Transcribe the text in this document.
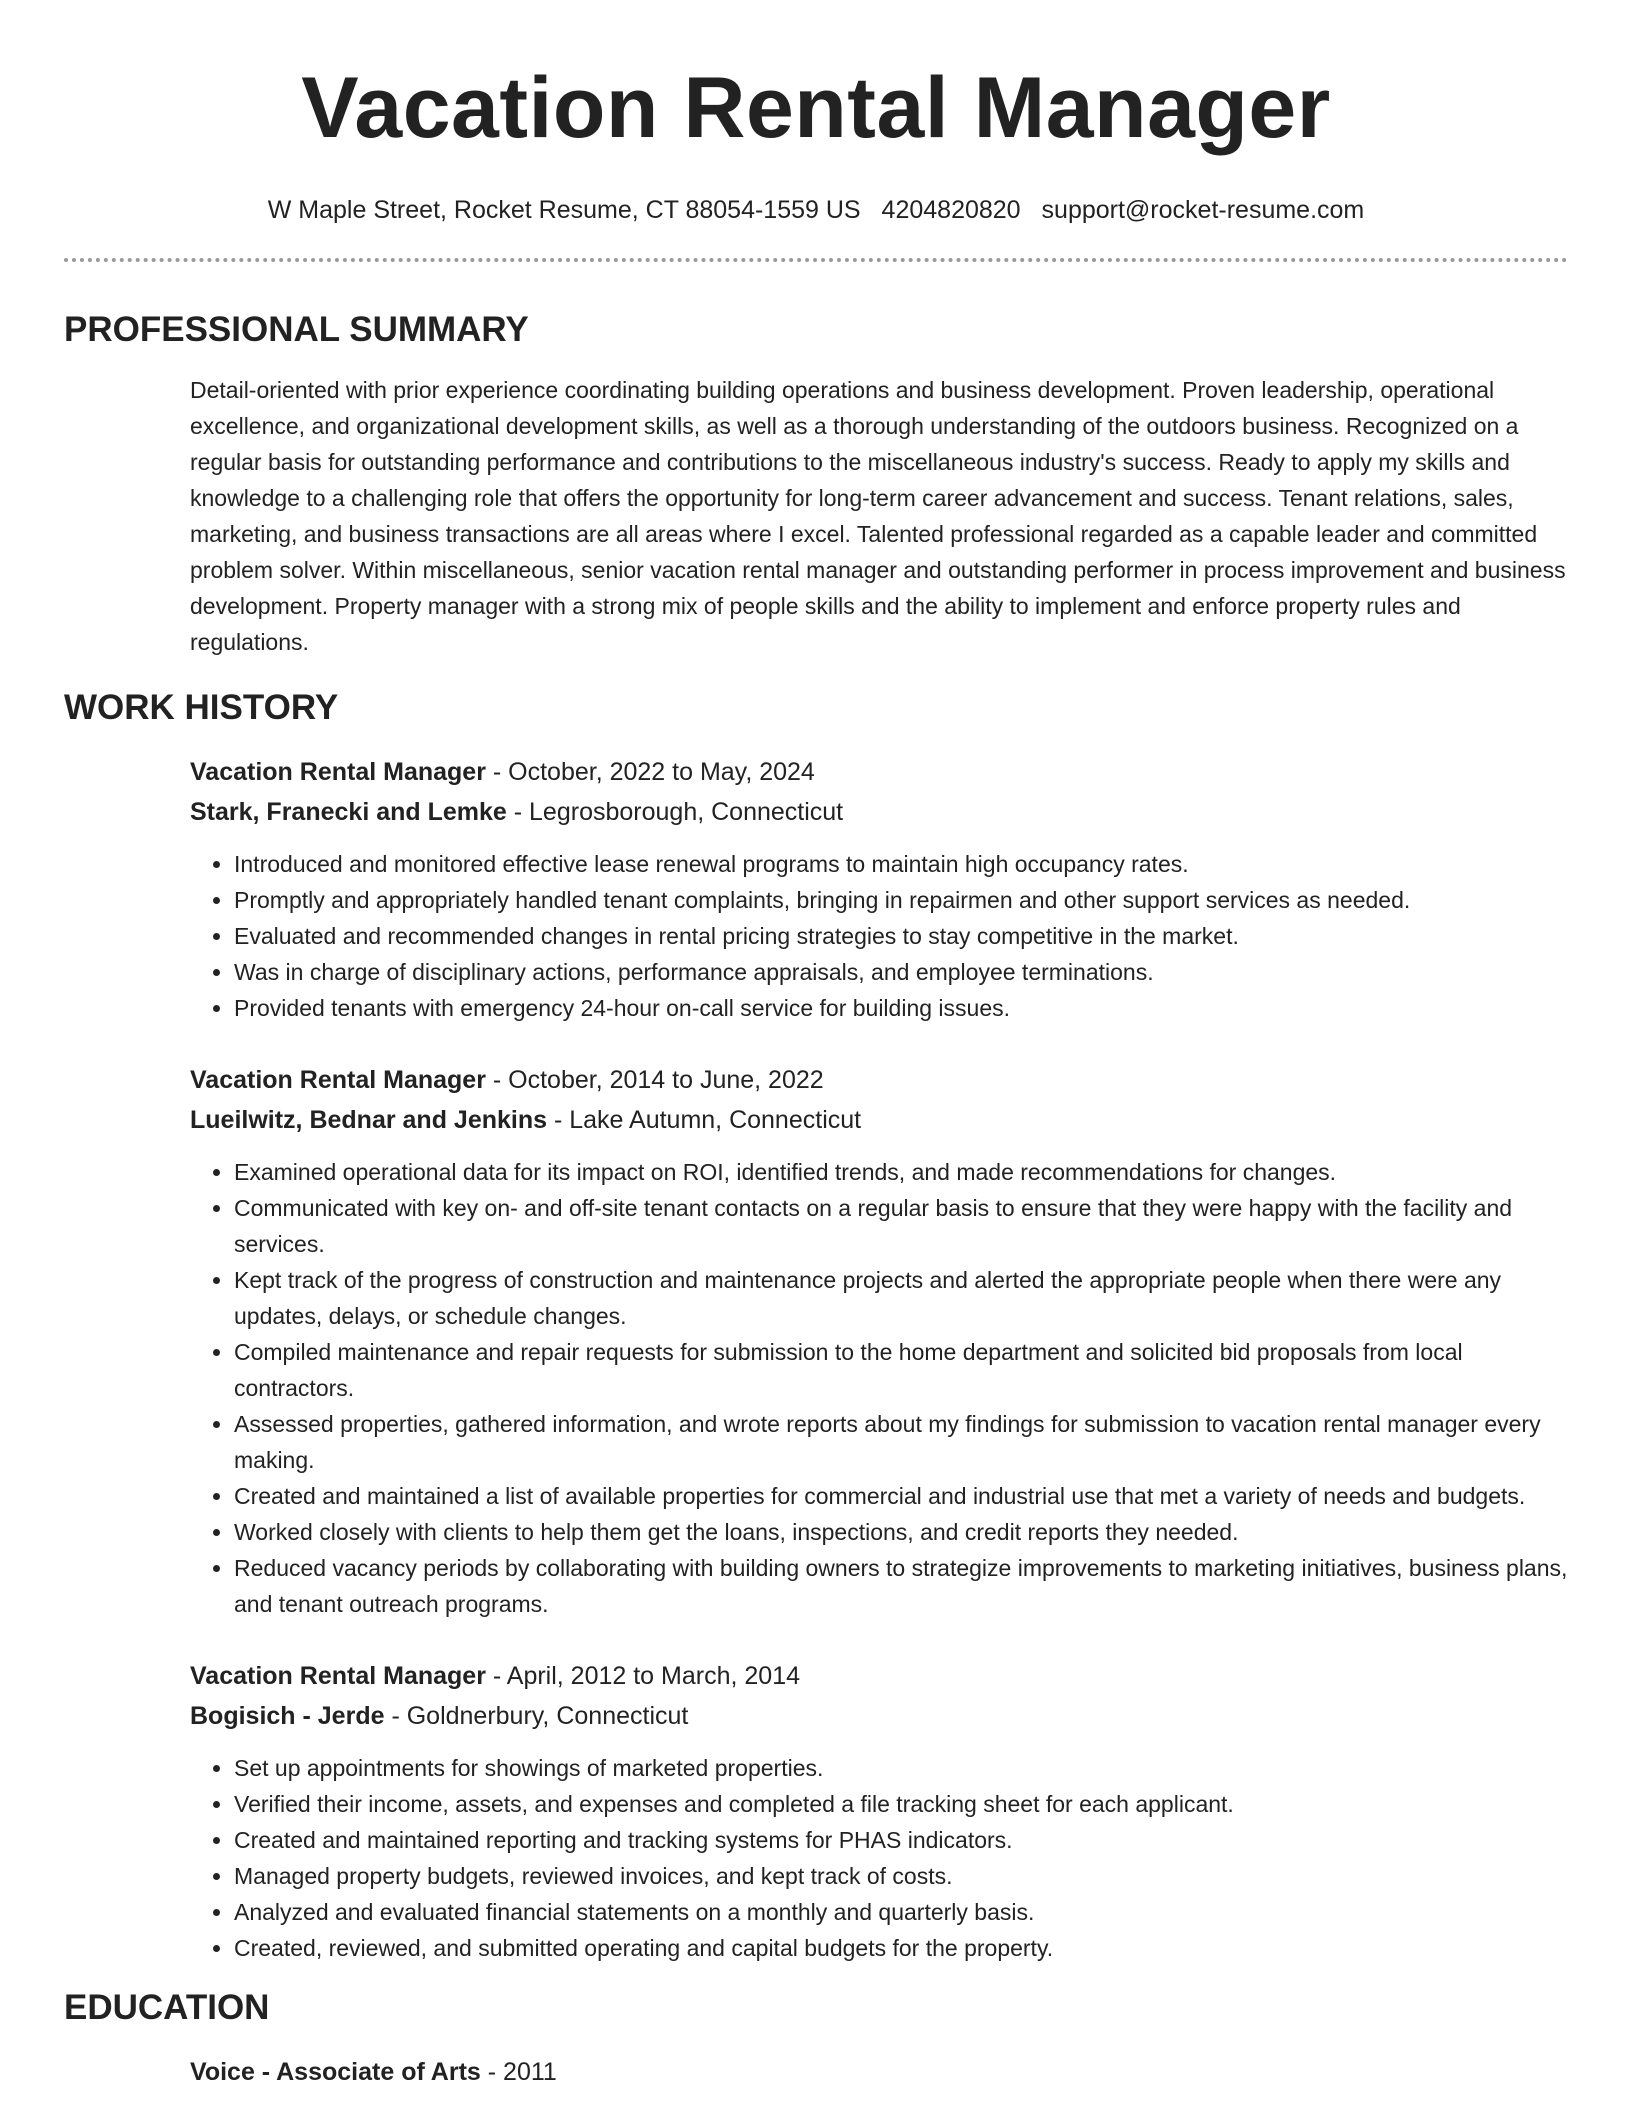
Vacation Rental Manager
W Maple Street, Rocket Resume, CT 88054-1559 US 4204820820 support@rocket-resume.com
PROFESSIONAL SUMMARY
Detail-oriented with prior experience coordinating building operations and business development. Proven leadership, operational excellence, and organizational development skills, as well as a thorough understanding of the outdoors business. Recognized on a regular basis for outstanding performance and contributions to the miscellaneous industry's success. Ready to apply my skills and knowledge to a challenging role that offers the opportunity for long-term career advancement and success. Tenant relations, sales, marketing, and business transactions are all areas where I excel. Talented professional regarded as a capable leader and committed problem solver. Within miscellaneous, senior vacation rental manager and outstanding performer in process improvement and business development. Property manager with a strong mix of people skills and the ability to implement and enforce property rules and regulations.
WORK HISTORY
Vacation Rental Manager - October, 2022 to May, 2024
Stark, Franecki and Lemke - Legrosborough, Connecticut
• Introduced and monitored effective lease renewal programs to maintain high occupancy rates.
• Promptly and appropriately handled tenant complaints, bringing in repairmen and other support services as needed.
• Evaluated and recommended changes in rental pricing strategies to stay competitive in the market.
• Was in charge of disciplinary actions, performance appraisals, and employee terminations.
• Provided tenants with emergency 24-hour on-call service for building issues.
Vacation Rental Manager - October, 2014 to June, 2022
Lueilwitz, Bednar and Jenkins - Lake Autumn, Connecticut
• Examined operational data for its impact on ROI, identified trends, and made recommendations for changes.
• Communicated with key on- and off-site tenant contacts on a regular basis to ensure that they were happy with the facility and services.
• Kept track of the progress of construction and maintenance projects and alerted the appropriate people when there were any updates, delays, or schedule changes.
• Compiled maintenance and repair requests for submission to the home department and solicited bid proposals from local contractors.
• Assessed properties, gathered information, and wrote reports about my findings for submission to vacation rental manager every making.
• Created and maintained a list of available properties for commercial and industrial use that met a variety of needs and budgets.
• Worked closely with clients to help them get the loans, inspections, and credit reports they needed.
• Reduced vacancy periods by collaborating with building owners to strategize improvements to marketing initiatives, business plans, and tenant outreach programs.
Vacation Rental Manager - April, 2012 to March, 2014
Bogisich - Jerde - Goldnerbury, Connecticut
• Set up appointments for showings of marketed properties.
• Verified their income, assets, and expenses and completed a file tracking sheet for each applicant.
• Created and maintained reporting and tracking systems for PHAS indicators.
• Managed property budgets, reviewed invoices, and kept track of costs.
• Analyzed and evaluated financial statements on a monthly and quarterly basis.
• Created, reviewed, and submitted operating and capital budgets for the property.
EDUCATION
Voice - Associate of Arts - 2011
